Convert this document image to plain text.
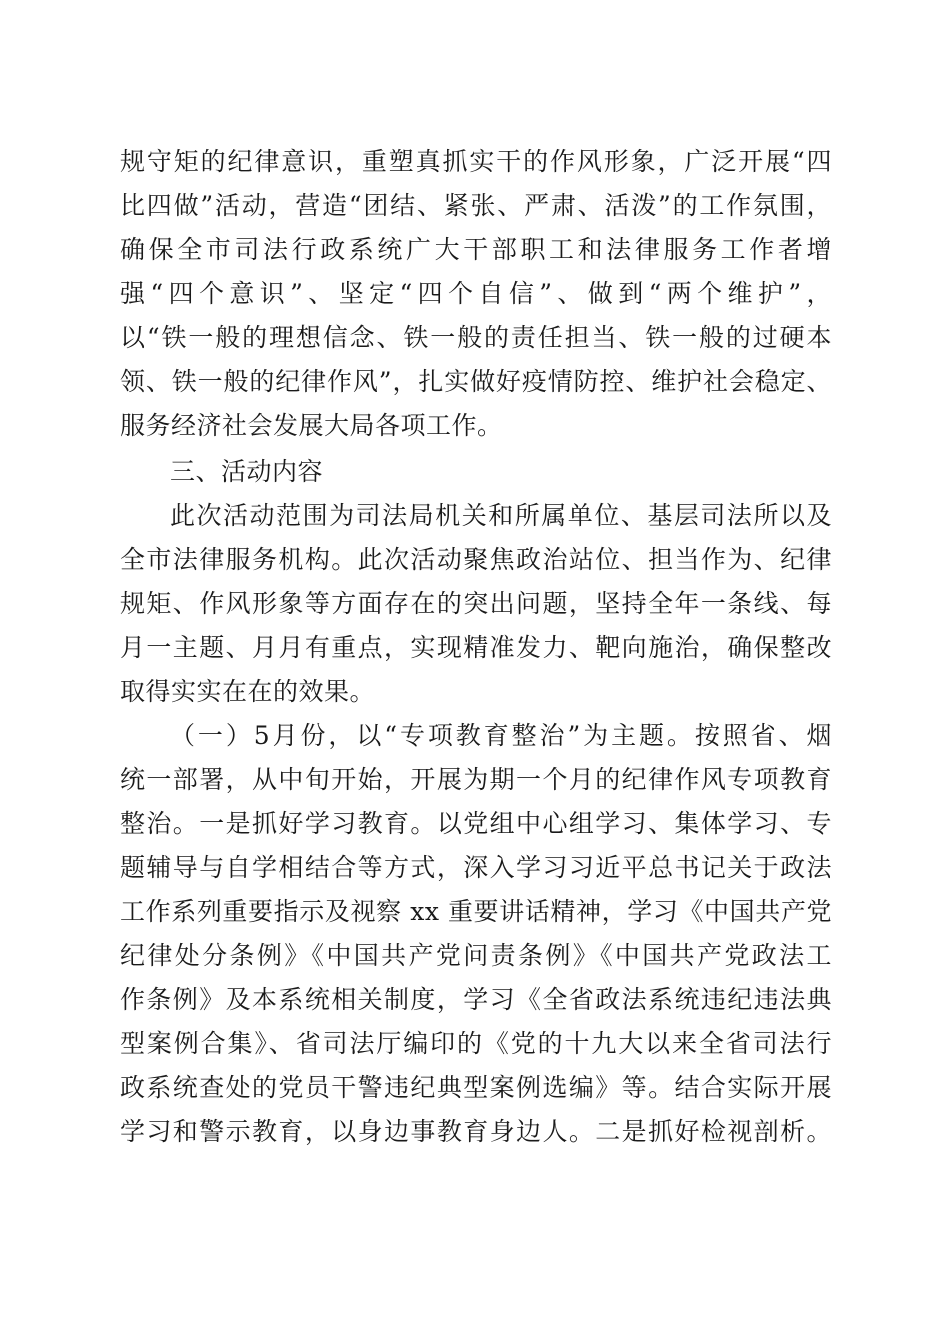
规守矩的纪律意识，重塑真抓实干的作风形象，广泛开展“四
比四做”活动，营造“团结、紧张、严肃、活泼”的工作氛围，
确保全市司法行政系统广大干部职工和法律服务工作者增
强“四个意识”、坚定“四个自信”、做到“两个维护”，
以“铁一般的理想信念、铁一般的责任担当、铁一般的过硬本
领、铁一般的纪律作风”，扎实做好疫情防控、维护社会稳定、
服务经济社会发展大局各项工作。
三、活动内容
此次活动范围为司法局机关和所属单位、基层司法所以及
全市法律服务机构。此次活动聚焦政治站位、担当作为、纪律
规矩、作风形象等方面存在的突出问题，坚持全年一条线、每
月一主题、月月有重点，实现精准发力、靶向施治，确保整改
取得实实在在的效果。
（一）5月份，以“专项教育整治”为主题。按照省、烟
统一部署，从中旬开始，开展为期一个月的纪律作风专项教育
整治。一是抓好学习教育。以党组中心组学习、集体学习、专
题辅导与自学相结合等方式，深入学习习近平总书记关于政法
工作系列重要指示及视察 xx 重要讲话精神，学习《中国共产党
纪律处分条例》《中国共产党问责条例》《中国共产党政法工
作条例》及本系统相关制度，学习《全省政法系统违纪违法典
型案例合集》、省司法厅编印的《党的十九大以来全省司法行
政系统查处的党员干警违纪典型案例选编》等。结合实际开展
学习和警示教育，以身边事教育身边人。二是抓好检视剖析。
